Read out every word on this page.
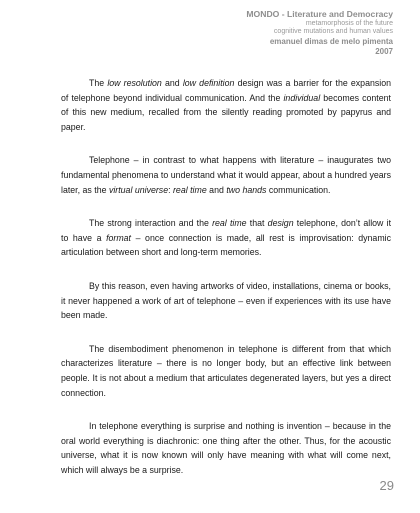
MONDO - Literature and Democracy
metamorphosis of the future
cognitive mutations and human values
emanuel dimas de melo pimenta
2007

The low resolution and low definition design was a barrier for the expansion of telephone beyond individual communication. And the individual becomes content of this new medium, recalled from the silently reading promoted by papyrus and paper.

Telephone – in contrast to what happens with literature – inaugurates two fundamental phenomena to understand what it would appear, about a hundred years later, as the virtual universe: real time and two hands communication.

The strong interaction and the real time that design telephone, don’t allow it to have a format – once connection is made, all rest is improvisation: dynamic articulation between short and long-term memories.

By this reason, even having artworks of video, installations, cinema or books, it never happened a work of art of telephone – even if experiences with its use have been made.

The disembodiment phenomenon in telephone is different from that which characterizes literature – there is no longer body, but an effective link between people. It is not about a medium that articulates degenerated layers, but yes a direct connection.

In telephone everything is surprise and nothing is invention – because in the oral world everything is diachronic: one thing after the other. Thus, for the acoustic universe, what it is now known will only have meaning with what will come next, which will always be a surprise.

29
